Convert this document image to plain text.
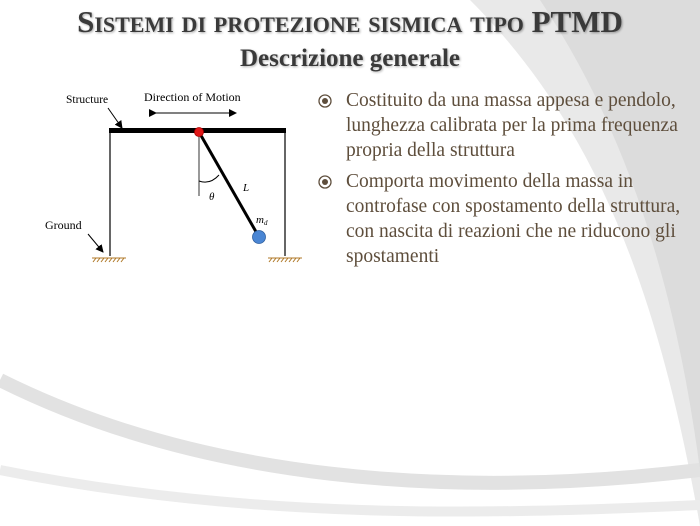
Sistemi di protezione sismica tipo PTMD
Descrizione generale
Structure	Direction of Motion
Ground
θ
L
md
Costituito da una massa appesa e pendolo, lunghezza calibrata per la prima frequenza propria della struttura
Comporta movimento della massa in controfase con spostamento della struttura, con nascita di reazioni che ne riducono gli spostamenti
